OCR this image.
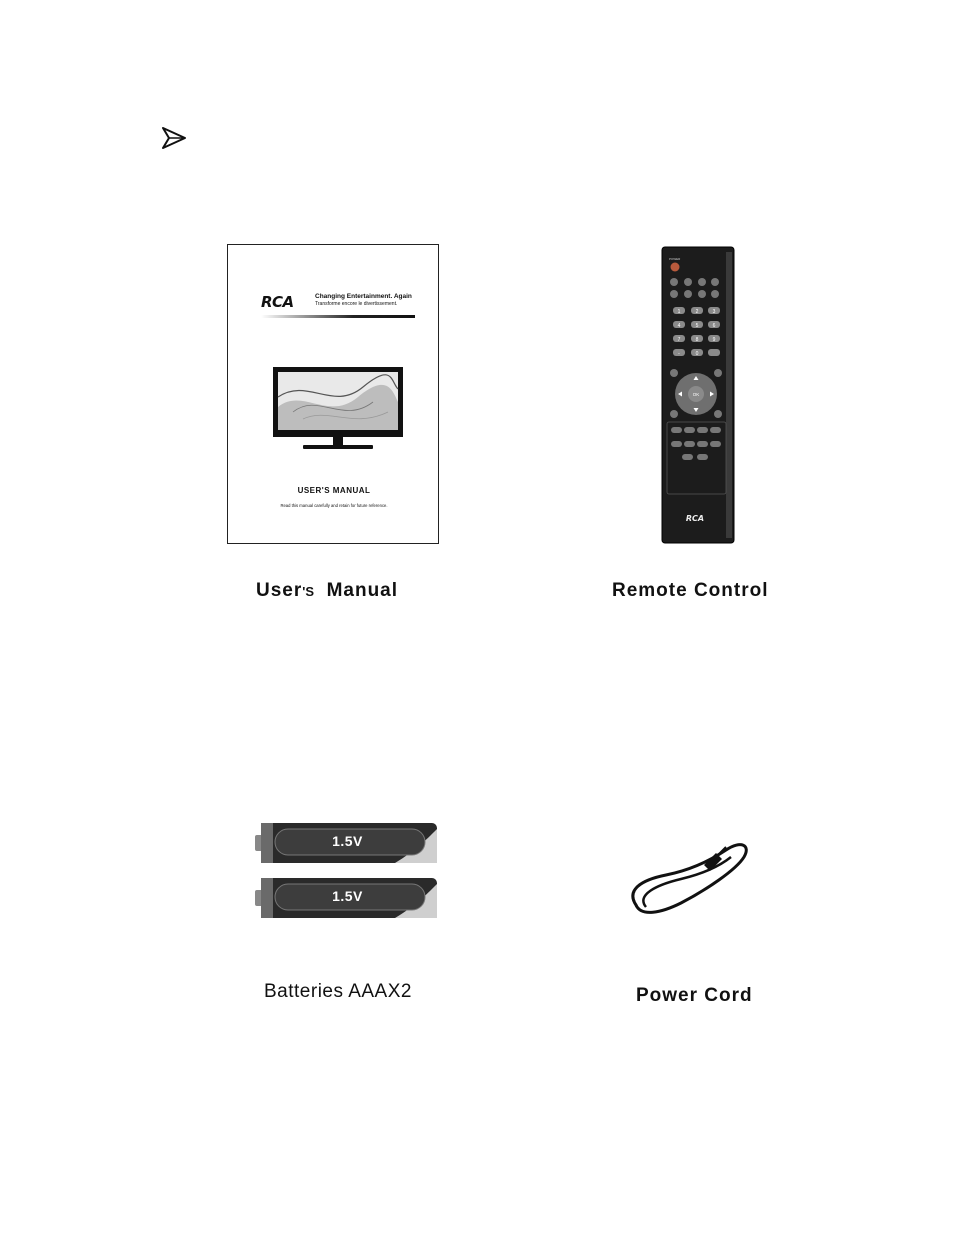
RCA	Changing Entertainment. Again
Transforme encore le divertissement.
USER'S MANUAL
Read this manual carefully and retain for future reference.
POWER
1	2	3
4	5	6
7	8	9
-	0
OK
RCA
User'S Manual	Remote Control
1.5V
1.5V
Batteries AAAX2	Power Cord
